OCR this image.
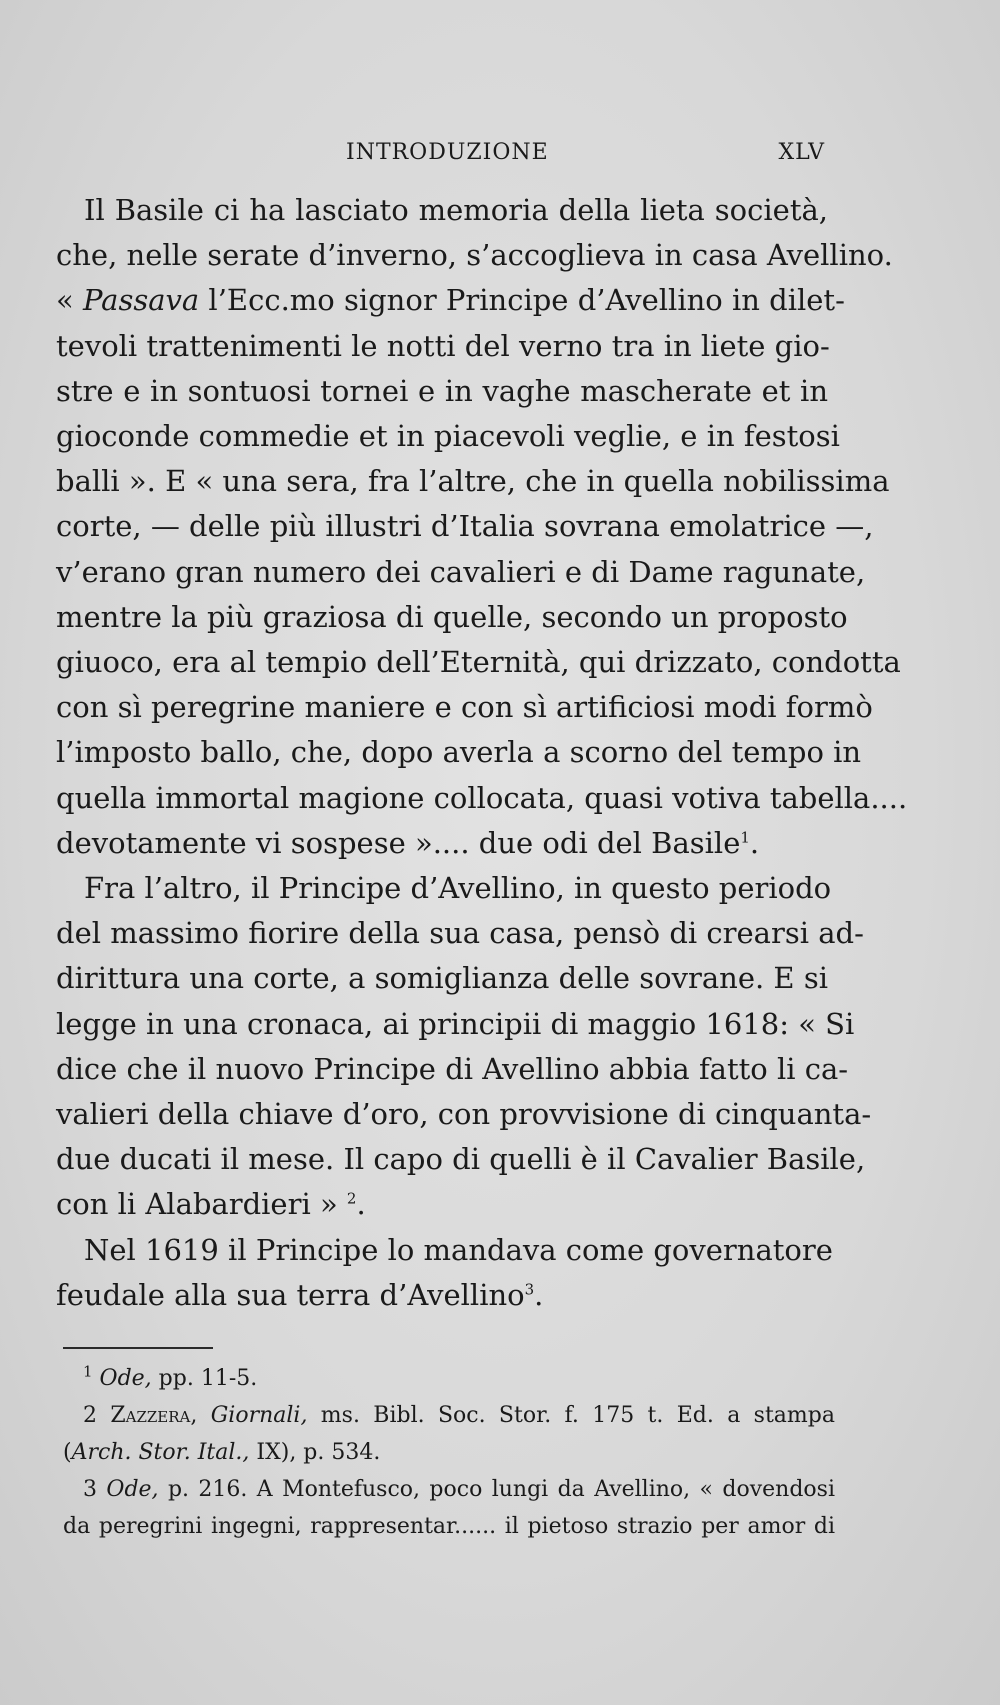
INTRODUZIONE	XLV
Il Basile ci ha lasciato memoria della lieta società,
che, nelle serate d’inverno, s’accoglieva in casa Avellino.
« Passava l’Ecc.mo signor Principe d’Avellino in dilet-
tevoli trattenimenti le notti del verno tra in liete gio-
stre e in sontuosi tornei e in vaghe mascherate et in
gioconde commedie et in piacevoli veglie, e in festosi
balli ». E « una sera, fra l’altre, che in quella nobilissima
corte, — delle più illustri d’Italia sovrana emolatrice —,
v’erano gran numero dei cavalieri e di Dame ragunate,
mentre la più graziosa di quelle, secondo un proposto
giuoco, era al tempio dell’Eternità, qui drizzato, condotta
con sì peregrine maniere e con sì artificiosi modi formò
l’imposto ballo, che, dopo averla a scorno del tempo in
quella immortal magione collocata, quasi votiva tabella....
devotamente vi sospese ».... due odi del Basile$^1$.
Fra l’altro, il Principe d’Avellino, in questo periodo
del massimo fiorire della sua casa, pensò di crearsi ad-
dirittura una corte, a somiglianza delle sovrane. E si
legge in una cronaca, ai principii di maggio 1618: « Si
dice che il nuovo Principe di Avellino abbia fatto li ca-
valieri della chiave d’oro, con provvisione di cinquanta-
due ducati il mese. Il capo di quelli è il Cavalier Basile,
con li Alabardieri » $^2$.
Nel 1619 il Principe lo mandava come governatore
feudale alla sua terra d’Avellino$^3$.
$^1$ Ode, pp. 11-5.
2 Zazzera, Giornali, ms. Bibl. Soc. Stor. f. 175 t. Ed. a stampa
(Arch. Stor. Ital., IX), p. 534.
3 Ode, p. 216. A Montefusco, poco lungi da Avellino, « dovendosi
da peregrini ingegni, rappresentar...... il pietoso strazio per amor di
